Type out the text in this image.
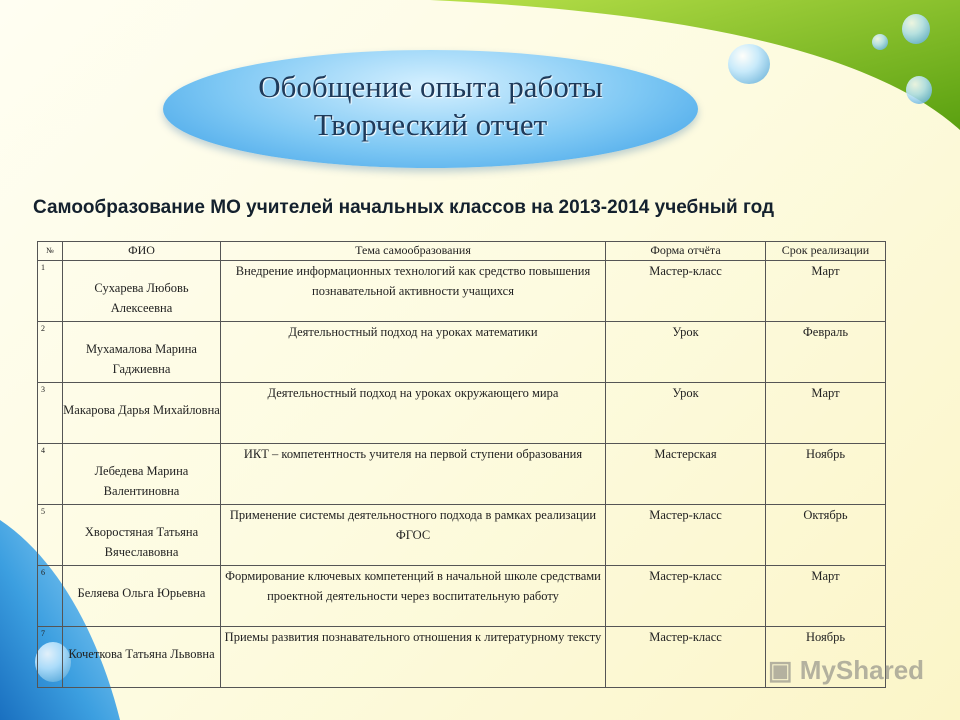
Обобщение опыта работы
Творческий отчет
Самообразование МО учителей начальных классов на 2013-2014 учебный год
№	ФИО	Тема самообразования	Форма отчёта	Срок реализации
1	Сухарева Любовь Алексеевна	Внедрение информационных технологий как средство повышения познавательной активности учащихся	Мастер-класс	Март
2	Мухамалова Марина Гаджиевна	Деятельностный подход на уроках математики	Урок	Февраль
3	Макарова Дарья Михайловна	Деятельностный подход на уроках окружающего мира	Урок	Март
4	Лебедева Марина Валентиновна	ИКТ – компетентность учителя на первой ступени образования	Мастерская	Ноябрь
5	Хворостяная Татьяна Вячеславовна	Применение системы деятельностного подхода в рамках реализации ФГОС	Мастер-класс	Октябрь
6	Беляева Ольга Юрьевна	Формирование ключевых компетенций в начальной школе средствами проектной деятельности через воспитательную работу	Мастер-класс	Март
7	Кочеткова Татьяна Львовна	Приемы развития познавательного отношения к литературному тексту	Мастер-класс	Ноябрь
▣ MyShared
